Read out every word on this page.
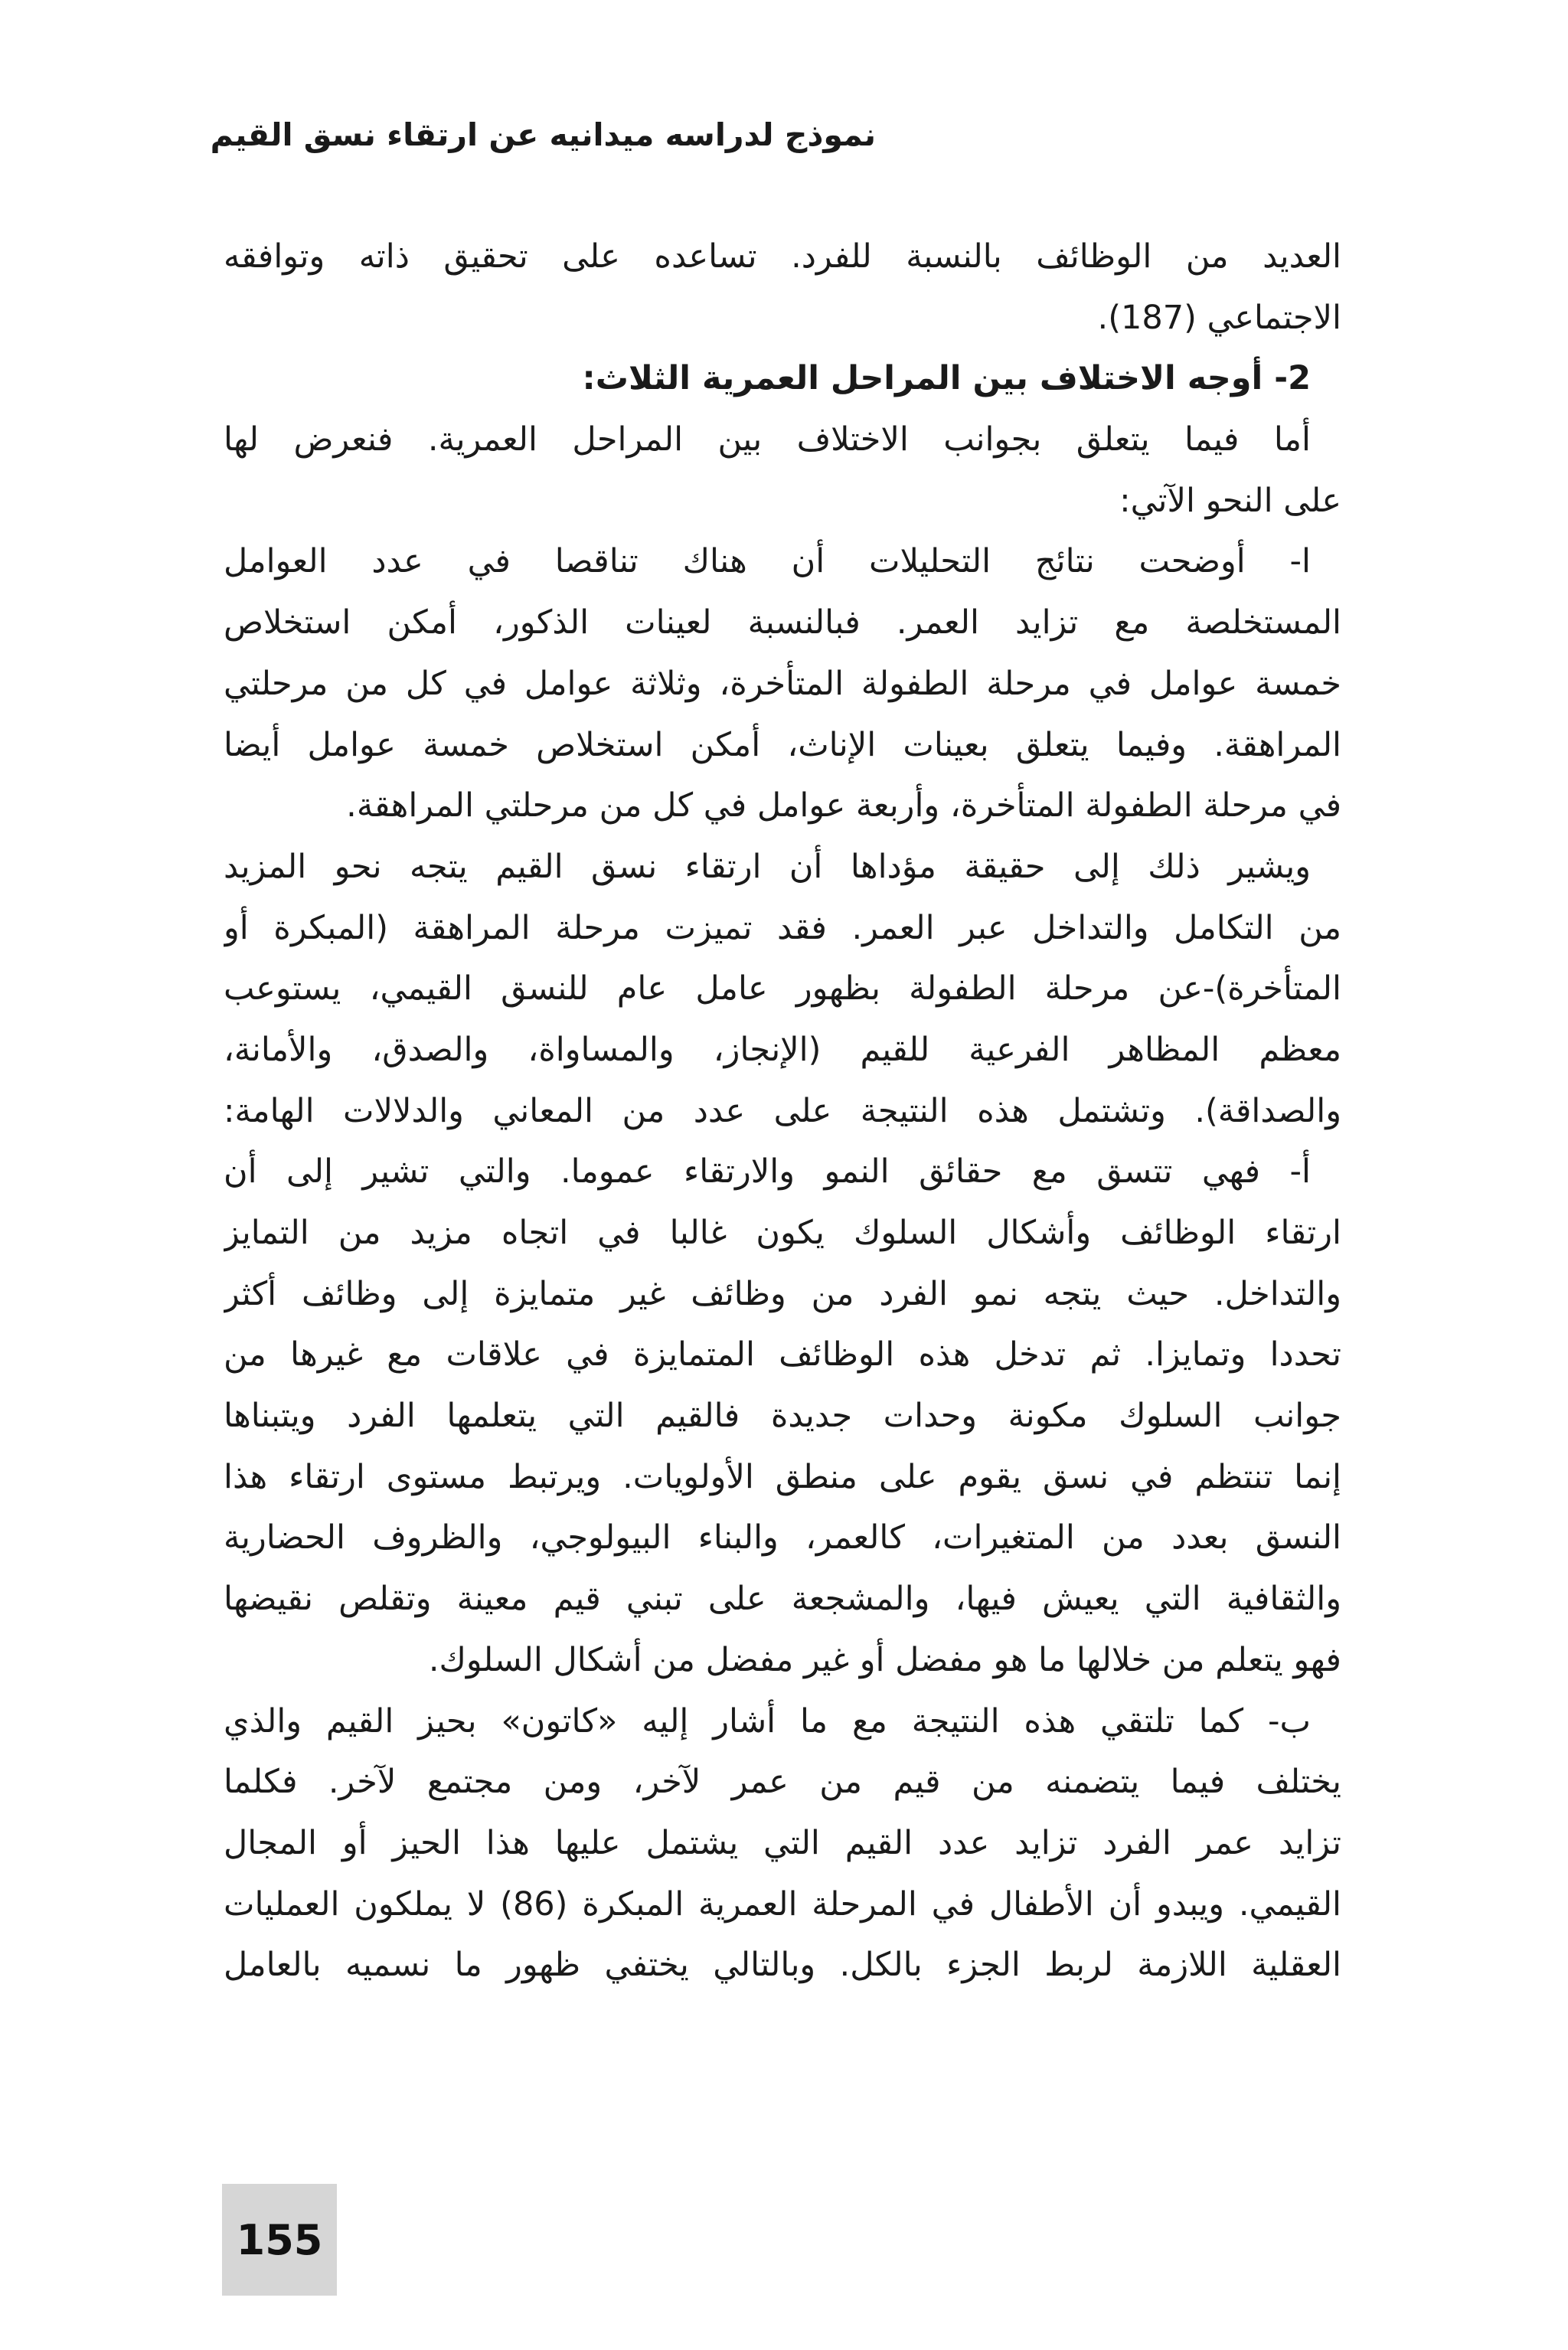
نموذج لدراسه ميدانيه عن ارتقاء نسق القيم
العديد من الوظائف بالنسبة للفرد. تساعده على تحقيق ذاته وتوافقه
الاجتماعي (187).
2- أوجه الاختلاف بين المراحل العمرية الثلاث:
أما فيما يتعلق بجوانب الاختلاف بين المراحل العمرية. فنعرض لها
على النحو الآتي:
ا- أوضحت نتائج التحليلات أن هناك تناقصا في عدد العوامل
المستخلصة مع تزايد العمر. فبالنسبة لعينات الذكور، أمكن استخلاص
خمسة عوامل في مرحلة الطفولة المتأخرة، وثلاثة عوامل في كل من مرحلتي
المراهقة. وفيما يتعلق بعينات الإناث، أمكن استخلاص خمسة عوامل أيضا
في مرحلة الطفولة المتأخرة، وأربعة عوامل في كل من مرحلتي المراهقة.
ويشير ذلك إلى حقيقة مؤداها أن ارتقاء نسق القيم يتجه نحو المزيد
من التكامل والتداخل عبر العمر. فقد تميزت مرحلة المراهقة (المبكرة أو
المتأخرة)-عن مرحلة الطفولة بظهور عامل عام للنسق القيمي، يستوعب
معظم المظاهر الفرعية للقيم (الإنجاز، والمساواة، والصدق، والأمانة،
والصداقة). وتشتمل هذه النتيجة على عدد من المعاني والدلالات الهامة:
أ- فهي تتسق مع حقائق النمو والارتقاء عموما. والتي تشير إلى أن
ارتقاء الوظائف وأشكال السلوك يكون غالبا في اتجاه مزيد من التمايز
والتداخل. حيث يتجه نمو الفرد من وظائف غير متمايزة إلى وظائف أكثر
تحددا وتمايزا. ثم تدخل هذه الوظائف المتمايزة في علاقات مع غيرها من
جوانب السلوك مكونة وحدات جديدة فالقيم التي يتعلمها الفرد ويتبناها
إنما تنتظم في نسق يقوم على منطق الأولويات. ويرتبط مستوى ارتقاء هذا
النسق بعدد من المتغيرات، كالعمر، والبناء البيولوجي، والظروف الحضارية
والثقافية التي يعيش فيها، والمشجعة على تبني قيم معينة وتقلص نقيضها
فهو يتعلم من خلالها ما هو مفضل أو غير مفضل من أشكال السلوك.
ب- كما تلتقي هذه النتيجة مع ما أشار إليه «كاتون» بحيز القيم والذي
يختلف فيما يتضمنه من قيم من عمر لآخر، ومن مجتمع لآخر. فكلما
تزايد عمر الفرد تزايد عدد القيم التي يشتمل عليها هذا الحيز أو المجال
القيمي. ويبدو أن الأطفال في المرحلة العمرية المبكرة (86) لا يملكون العمليات
العقلية اللازمة لربط الجزء بالكل. وبالتالي يختفي ظهور ما نسميه بالعامل
155
